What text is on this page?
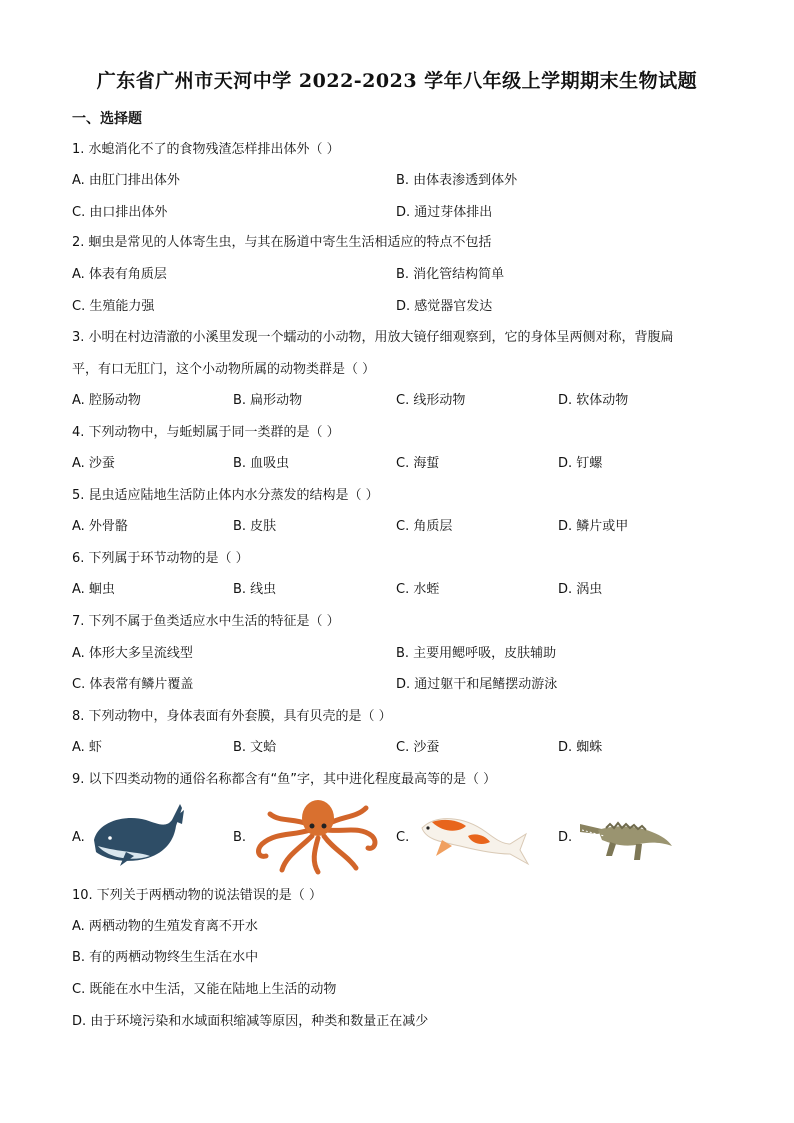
广东省广州市天河中学 2022-2023 学年八年级上学期期末生物试题
一、选择题
1. 水螅消化不了的食物残渣怎样排出体外（ ）
A. 由肛门排出体外	B. 由体表渗透到体外
C. 由口排出体外	D. 通过芽体排出
2. 蛔虫是常见的人体寄生虫，与其在肠道中寄生生活相适应的特点不包括
A. 体表有角质层	B. 消化管结构简单
C. 生殖能力强	D. 感觉器官发达
3. 小明在村边清澈的小溪里发现一个蠕动的小动物，用放大镜仔细观察到，它的身体呈两侧对称，背腹扁
平，有口无肛门，这个小动物所属的动物类群是（ ）
A. 腔肠动物	B. 扁形动物	C. 线形动物	D. 软体动物
4. 下列动物中，与蚯蚓属于同一类群的是（ ）
A. 沙蚕	B. 血吸虫	C. 海蜇	D. 钉螺
5. 昆虫适应陆地生活防止体内水分蒸发的结构是（ ）
A. 外骨骼	B. 皮肤	C. 角质层	D. 鳞片或甲
6. 下列属于环节动物的是（ ）
A. 蛔虫	B. 线虫	C. 水蛭	D. 涡虫
7. 下列不属于鱼类适应水中生活的特征是（ ）
A. 体形大多呈流线型	B. 主要用鳃呼吸，皮肤辅助
C. 体表常有鳞片覆盖	D. 通过躯干和尾鳍摆动游泳
8. 下列动物中，身体表面有外套膜，具有贝壳的是（ ）
A. 虾	B. 文蛤	C. 沙蚕	D. 蜘蛛
9. 以下四类动物的通俗名称都含有“鱼”字，其中进化程度最高等的是（ ）
A.	B.	C.	D.
10. 下列关于两栖动物的说法错误的是（ ）
A. 两栖动物的生殖发育离不开水
B. 有的两栖动物终生生活在水中
C. 既能在水中生活，又能在陆地上生活的动物
D. 由于环境污染和水域面积缩减等原因，种类和数量正在减少
